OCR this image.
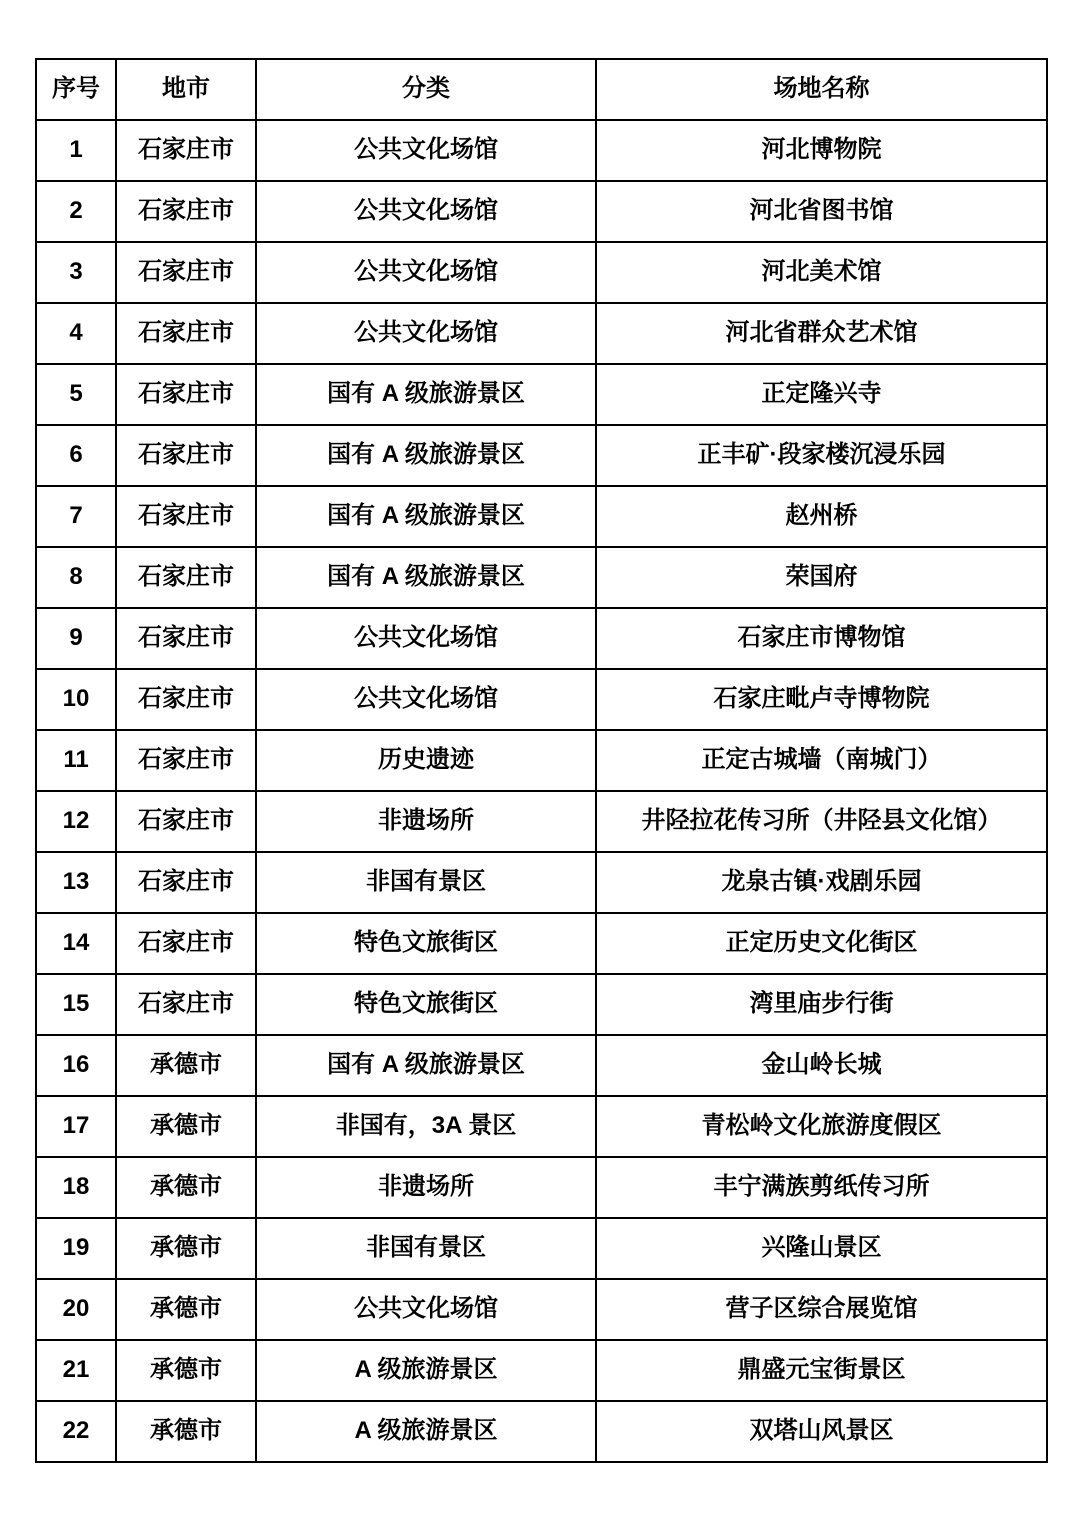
序号	地市	分类	场地名称
1	石家庄市	公共文化场馆	河北博物院
2	石家庄市	公共文化场馆	河北省图书馆
3	石家庄市	公共文化场馆	河北美术馆
4	石家庄市	公共文化场馆	河北省群众艺术馆
5	石家庄市	国有 A 级旅游景区	正定隆兴寺
6	石家庄市	国有 A 级旅游景区	正丰矿·段家楼沉浸乐园
7	石家庄市	国有 A 级旅游景区	赵州桥
8	石家庄市	国有 A 级旅游景区	荣国府
9	石家庄市	公共文化场馆	石家庄市博物馆
10	石家庄市	公共文化场馆	石家庄毗卢寺博物院
11	石家庄市	历史遗迹	正定古城墙（南城门）
12	石家庄市	非遗场所	井陉拉花传习所（井陉县文化馆）
13	石家庄市	非国有景区	龙泉古镇·戏剧乐园
14	石家庄市	特色文旅街区	正定历史文化街区
15	石家庄市	特色文旅街区	湾里庙步行街
16	承德市	国有 A 级旅游景区	金山岭长城
17	承德市	非国有，3A 景区	青松岭文化旅游度假区
18	承德市	非遗场所	丰宁满族剪纸传习所
19	承德市	非国有景区	兴隆山景区
20	承德市	公共文化场馆	营子区综合展览馆
21	承德市	A 级旅游景区	鼎盛元宝街景区
22	承德市	A 级旅游景区	双塔山风景区
